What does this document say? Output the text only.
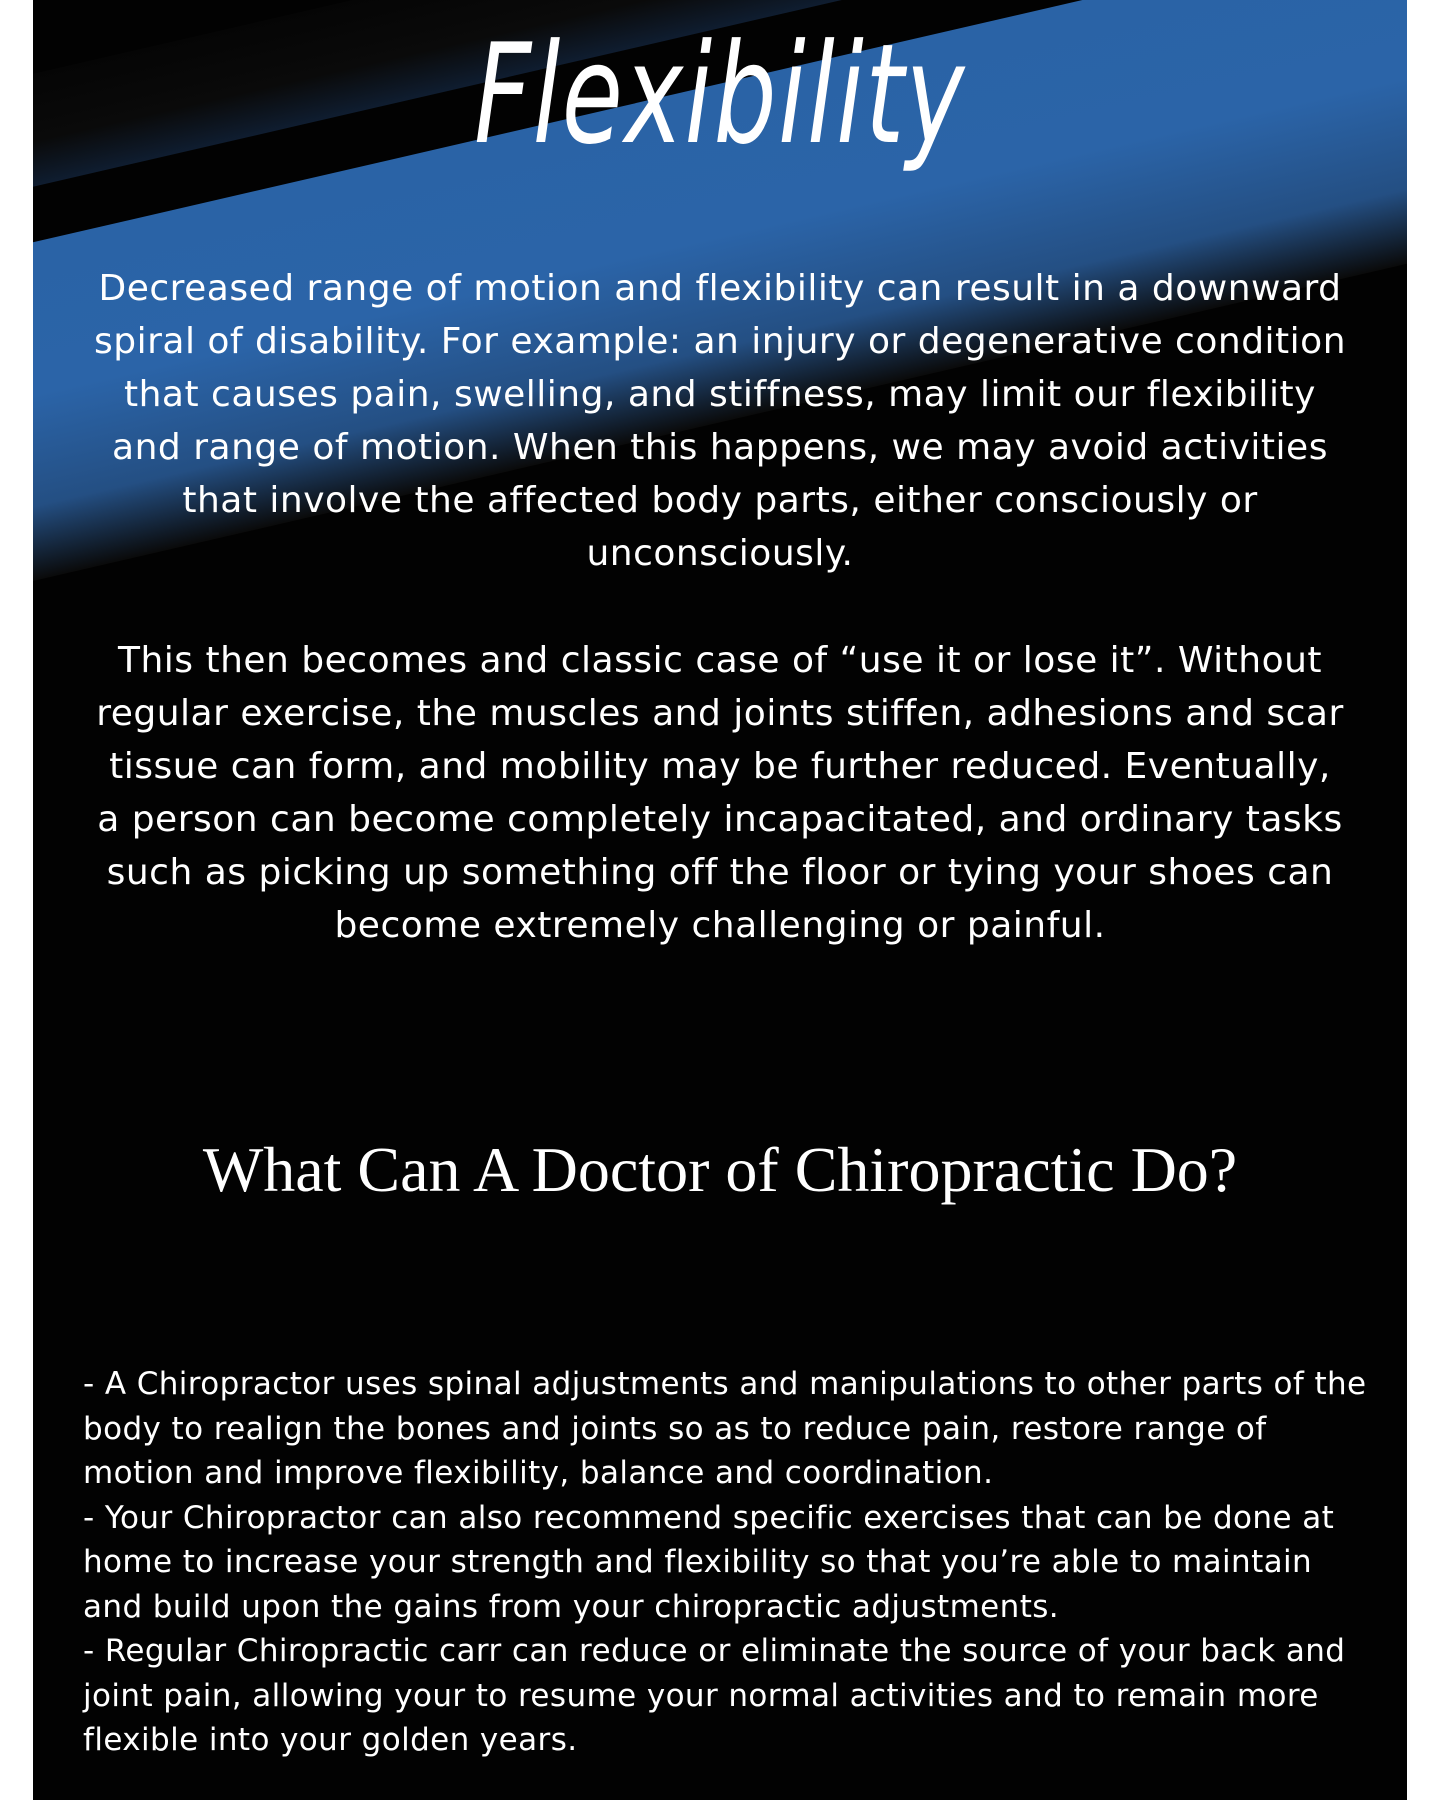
Flexibility
Decreased range of motion and flexibility can result in a downward spiral of disability. For example: an injury or degenerative condition that causes pain, swelling, and stiffness, may limit our flexibility and range of motion. When this happens, we may avoid activities that involve the affected body parts, either consciously or unconsciously.
This then becomes and classic case of “use it or lose it”. Without regular exercise, the muscles and joints stiffen, adhesions and scar tissue can form, and mobility may be further reduced. Eventually, a person can become completely incapacitated, and ordinary tasks such as picking up something off the floor or tying your shoes can become extremely challenging or painful.
What Can A Doctor of Chiropractic Do?

- A Chiropractor uses spinal adjustments and manipulations to other parts of the body to realign the bones and joints so as to reduce pain, restore range of motion and improve flexibility, balance and coordination.

- Your Chiropractor can also recommend specific exercises that can be done at home to increase your strength and flexibility so that you’re able to maintain and build upon the gains from your chiropractic adjustments.

- Regular Chiropractic carr can reduce or eliminate the source of your back and joint pain, allowing your to resume your normal activities and to remain more flexible into your golden years.
